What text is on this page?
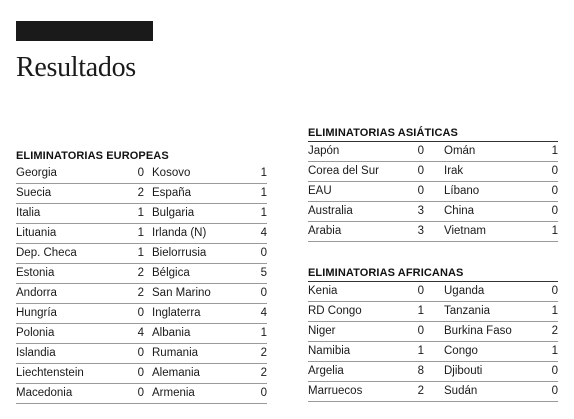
Resultados
ELIMINATORIAS EUROPEAS
Georgia	0 Kosovo	1
Suecia	2 España	1
Italia	1 Bulgaria	1
Lituania	1 Irlanda (N)	4
Dep. Checa	1 Bielorrusia	0
Estonia	2 Bélgica	5
Andorra	2 San Marino	0
Hungría	0 Inglaterra	4
Polonia	4 Albania	1
Islandia	0 Rumania	2
Liechtenstein	0 Alemania	2
Macedonia	0 Armenia	0
ELIMINATORIAS ASIÁTICAS
Japón	0 Omán	1
Corea del Sur	0 Irak	0
EAU	0 Líbano	0
Australia	3 China	0
Arabia	3 Vietnam	1
ELIMINATORIAS AFRICANAS
Kenia	0 Uganda	0
RD Congo	1 Tanzania	1
Niger	0 Burkina Faso	2
Namibia	1 Congo	1
Argelia	8 Djibouti	0
Marruecos	2 Sudán	0
